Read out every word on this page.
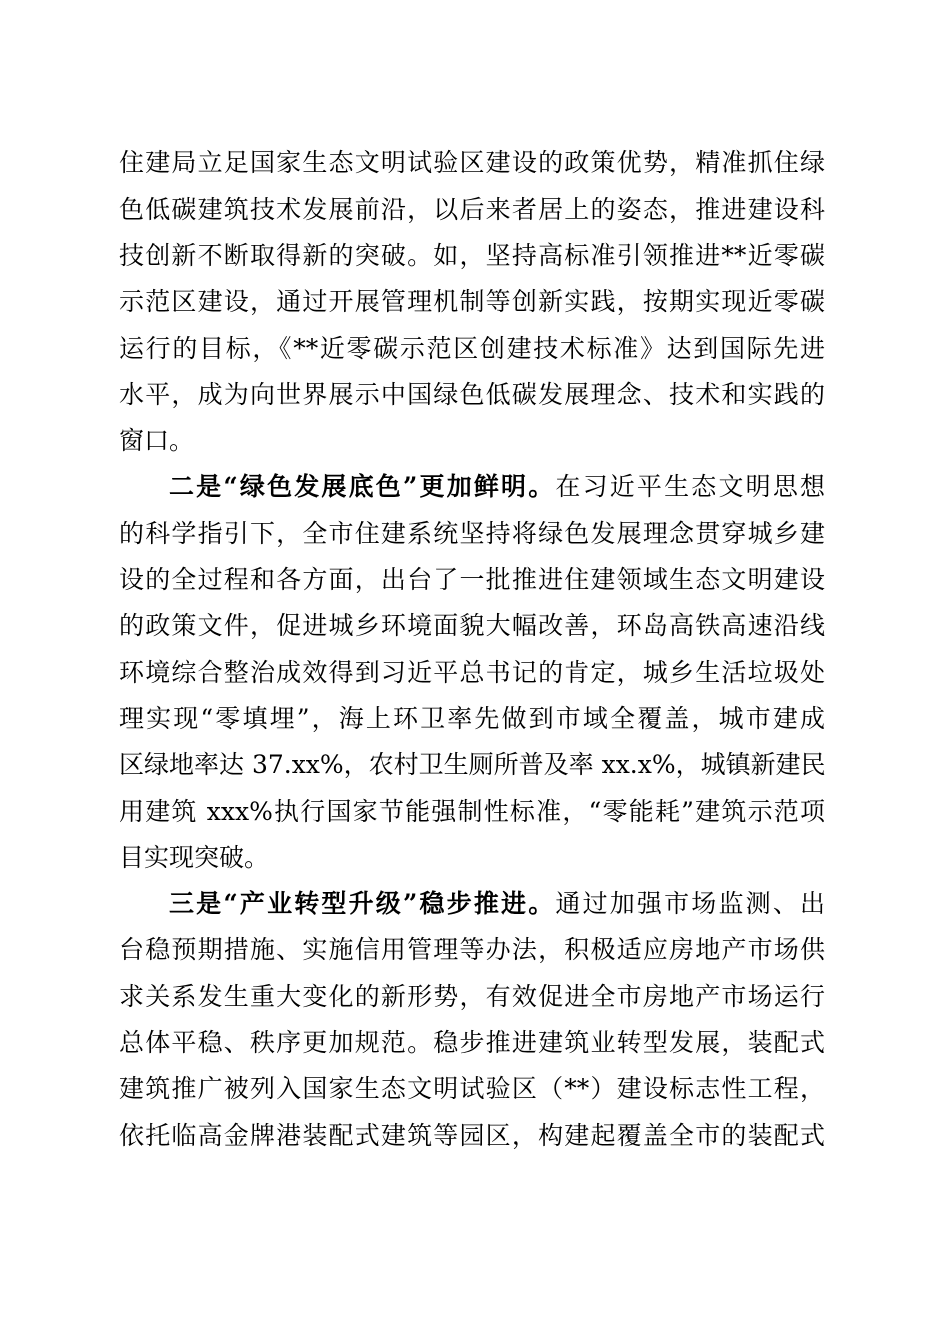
住建局立足国家生态文明试验区建设的政策优势，精准抓住绿
色低碳建筑技术发展前沿，以后来者居上的姿态，推进建设科
技创新不断取得新的突破。如，坚持高标准引领推进**近零碳
示范区建设，通过开展管理机制等创新实践，按期实现近零碳
运行的目标，《**近零碳示范区创建技术标准》达到国际先进
水平，成为向世界展示中国绿色低碳发展理念、技术和实践的
窗口。
二是“绿色发展底色”更加鲜明。在习近平生态文明思想
的科学指引下，全市住建系统坚持将绿色发展理念贯穿城乡建
设的全过程和各方面，出台了一批推进住建领域生态文明建设
的政策文件，促进城乡环境面貌大幅改善，环岛高铁高速沿线
环境综合整治成效得到习近平总书记的肯定，城乡生活垃圾处
理实现“零填埋”，海上环卫率先做到市域全覆盖，城市建成
区绿地率达 37.xx%，农村卫生厕所普及率 xx.x%，城镇新建民
用建筑 xxx%执行国家节能强制性标准，“零能耗”建筑示范项
目实现突破。
三是“产业转型升级”稳步推进。通过加强市场监测、出
台稳预期措施、实施信用管理等办法，积极适应房地产市场供
求关系发生重大变化的新形势，有效促进全市房地产市场运行
总体平稳、秩序更加规范。稳步推进建筑业转型发展，装配式
建筑推广被列入国家生态文明试验区（**）建设标志性工程，
依托临高金牌港装配式建筑等园区，构建起覆盖全市的装配式
